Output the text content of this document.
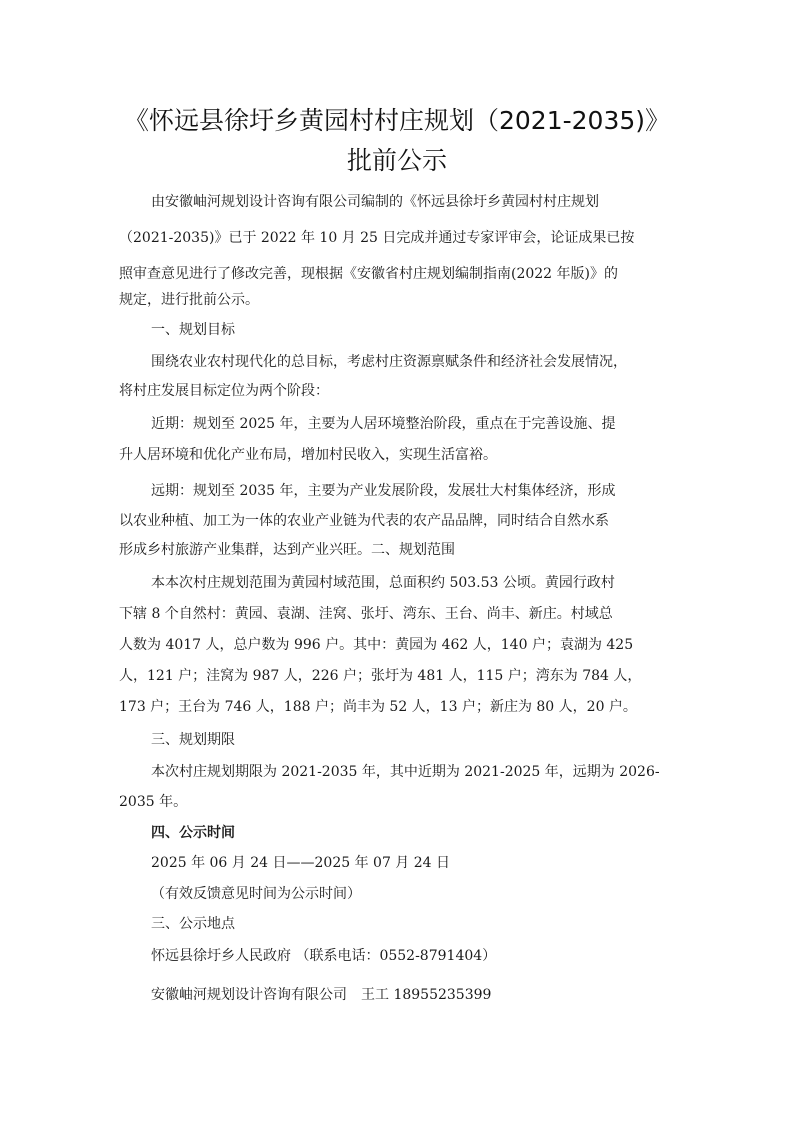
《怀远县徐圩乡黄园村村庄规划（2021-2035)》
批前公示
由安徽岫河规划设计咨询有限公司编制的《怀远县徐圩乡黄园村村庄规划
（2021-2035)》已于 2022 年 10 月 25 日完成并通过专家评审会，论证成果已按
照审查意见进行了修改完善，现根据《安徽省村庄规划编制指南(2022 年版)》的
规定，进行批前公示。
一、规划目标
围绕农业农村现代化的总目标，考虑村庄资源禀赋条件和经济社会发展情况，
将村庄发展目标定位为两个阶段：
近期：规划至 2025 年，主要为人居环境整治阶段，重点在于完善设施、提
升人居环境和优化产业布局，增加村民收入，实现生活富裕。
远期：规划至 2035 年，主要为产业发展阶段，发展壮大村集体经济，形成
以农业种植、加工为一体的农业产业链为代表的农产品品牌，同时结合自然水系
形成乡村旅游产业集群，达到产业兴旺。二、规划范围
本本次村庄规划范围为黄园村域范围，总面积约 503.53 公顷。黄园行政村
下辖 8 个自然村：黄园、袁湖、洼窝、张圩、湾东、王台、尚丰、新庄。村域总
人数为 4017 人，总户数为 996 户。其中：黄园为 462 人，140 户；袁湖为 425
人，121 户；洼窝为 987 人，226 户；张圩为 481 人，115 户；湾东为 784 人，
173 户；王台为 746 人，188 户；尚丰为 52 人，13 户；新庄为 80 人，20 户。
三、规划期限
本次村庄规划期限为 2021-2035 年，其中近期为 2021-2025 年，远期为 2026-
2035 年。
四、公示时间
2025 年 06 月 24 日——2025 年 07 月 24 日
（有效反馈意见时间为公示时间）
三、公示地点
怀远县徐圩乡人民政府 （联系电话：0552-8791404）
安徽岫河规划设计咨询有限公司　王工 18955235399
